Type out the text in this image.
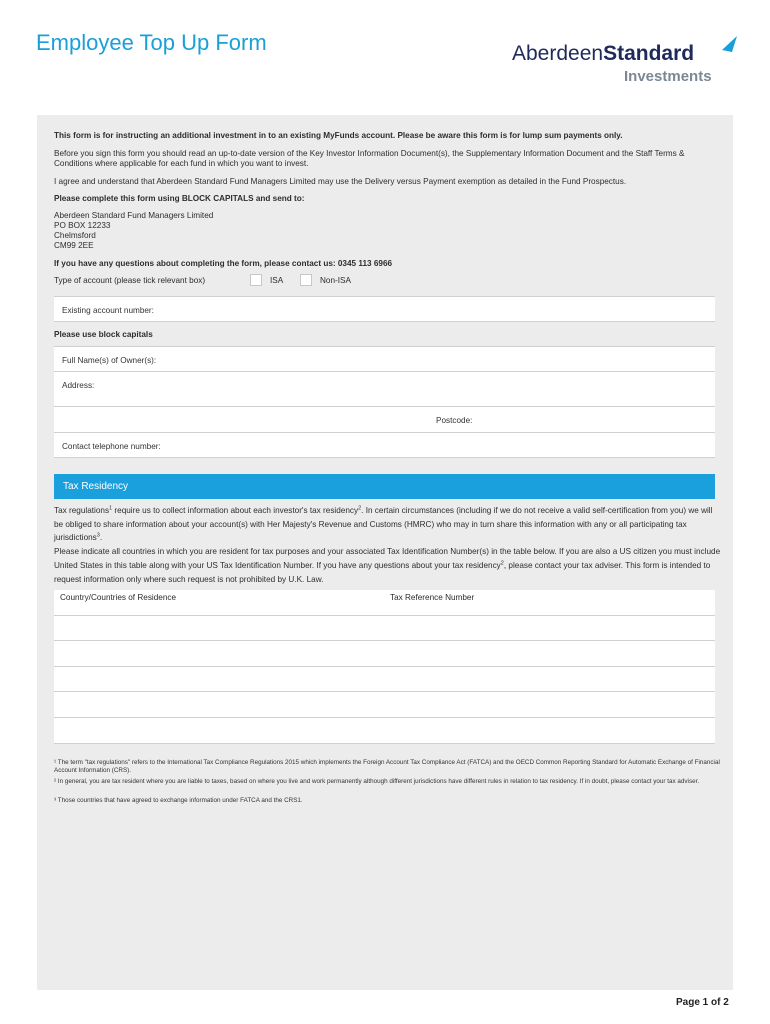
Employee Top Up Form	AberdeenStandard
Investments
This form is for instructing an additional investment in to an existing MyFunds account. Please be aware this form is for lump sum payments only.
Before you sign this form you should read an up-to-date version of the Key Investor Information Document(s), the Supplementary Information Document and the Staff Terms & Conditions where applicable for each fund in which you want to invest.
I agree and understand that Aberdeen Standard Fund Managers Limited may use the Delivery versus Payment exemption as detailed in the Fund Prospectus.
Please complete this form using BLOCK CAPITALS and send to:
Aberdeen Standard Fund Managers Limited
PO BOX 12233
Chelmsford
CM99 2EE
If you have any questions about completing the form, please contact us: 0345 113 6966
Type of account (please tick relevant box)	ISA	Non-ISA
Existing account number:
Please use block capitals
Full Name(s) of Owner(s):
Address:
Postcode:
Contact telephone number:
Tax Residency
Tax regulations$^1$ require us to collect information about each investor's tax residency$^2$. In certain circumstances (including if we do not receive a valid self-certification from you) we will be obliged to share information about your account(s) with Her Majesty's Revenue and Customs (HMRC) who may in turn share this information with any or all participating tax jurisdictions$^3$.
Please indicate all countries in which you are resident for tax purposes and your associated Tax Identification Number(s) in the table below. If you are also a US citizen you must include United States in this table along with your US Tax Identification Number. If you have any questions about your tax residency$^2$, please contact your tax adviser. This form is intended to request information only where such request is not prohibited by U.K. Law.
Country/Countries of Residence	Tax Reference Number
¹ The term "tax regulations" refers to the International Tax Compliance Regulations 2015 which implements the Foreign Account Tax Compliance Act (FATCA) and the OECD Common Reporting Standard for Automatic Exchange of Financial Account Information (CRS).
² In general, you are tax resident where you are liable to taxes, based on where you live and work permanently although different jurisdictions have different rules in relation to tax residency. If in doubt, please contact your tax adviser.
³ Those countries that have agreed to exchange information under FATCA and the CRS1.
Page 1 of 2
